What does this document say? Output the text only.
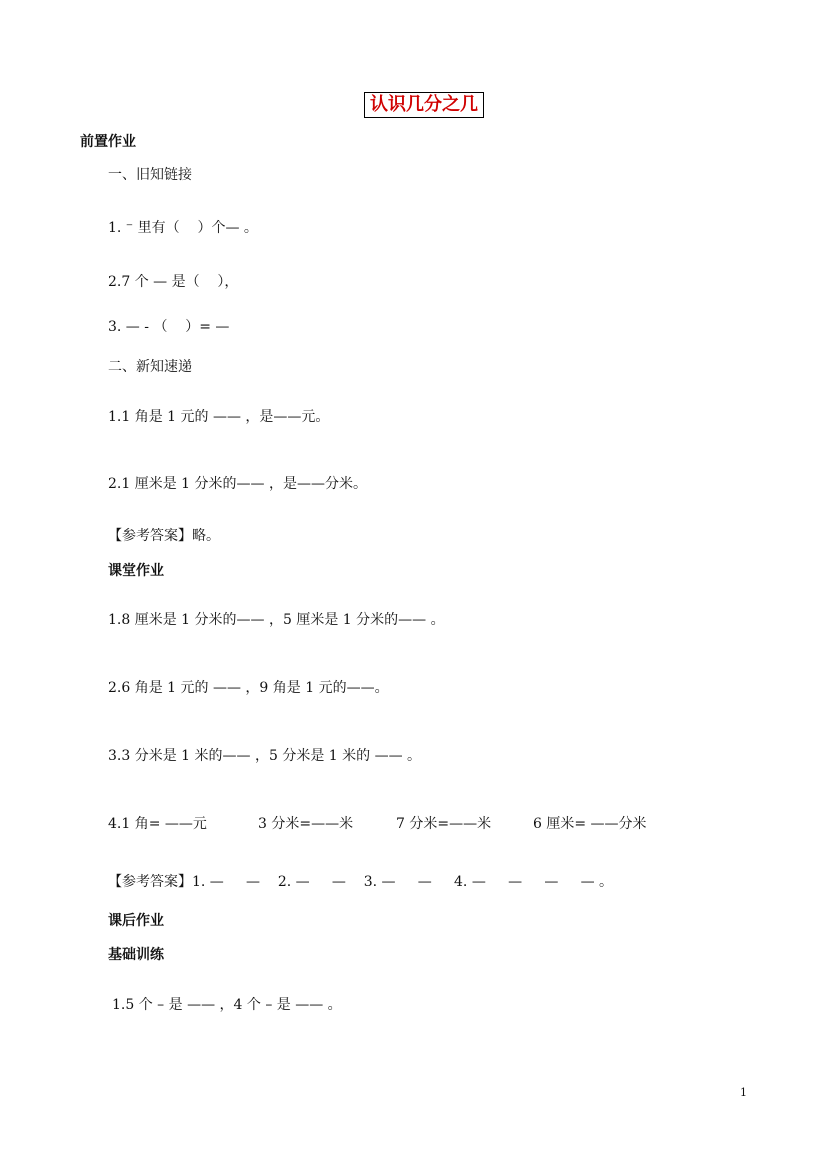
认识几分之几
前置作业
一、旧知链接
1. ⁻ 里有（    ）个— 。
2.7 个 — 是（    ），
3. — - （    ）= —
二、新知速递
1.1 角是 1 元的 —— ，是——元。
2.1 厘米是 1 分米的—— ，是——分米。
【参考答案】略。
课堂作业
1.8 厘米是 1 分米的—— ，5 厘米是 1 分米的—— 。
2.6 角是 1 元的 —— ，9 角是 1 元的——。
3.3 分米是 1 米的—— ，5 分米是 1 米的 —— 。
4.1 角= ——元	3 分米=——米	7 分米=——米	6 厘米= ——分米
【参考答案】1. —     —    2. —     —    3. —     —     4. —     —     —     — 。
课后作业
基础训练
1.5 个 – 是 —— ，4 个 – 是 —— 。
1
